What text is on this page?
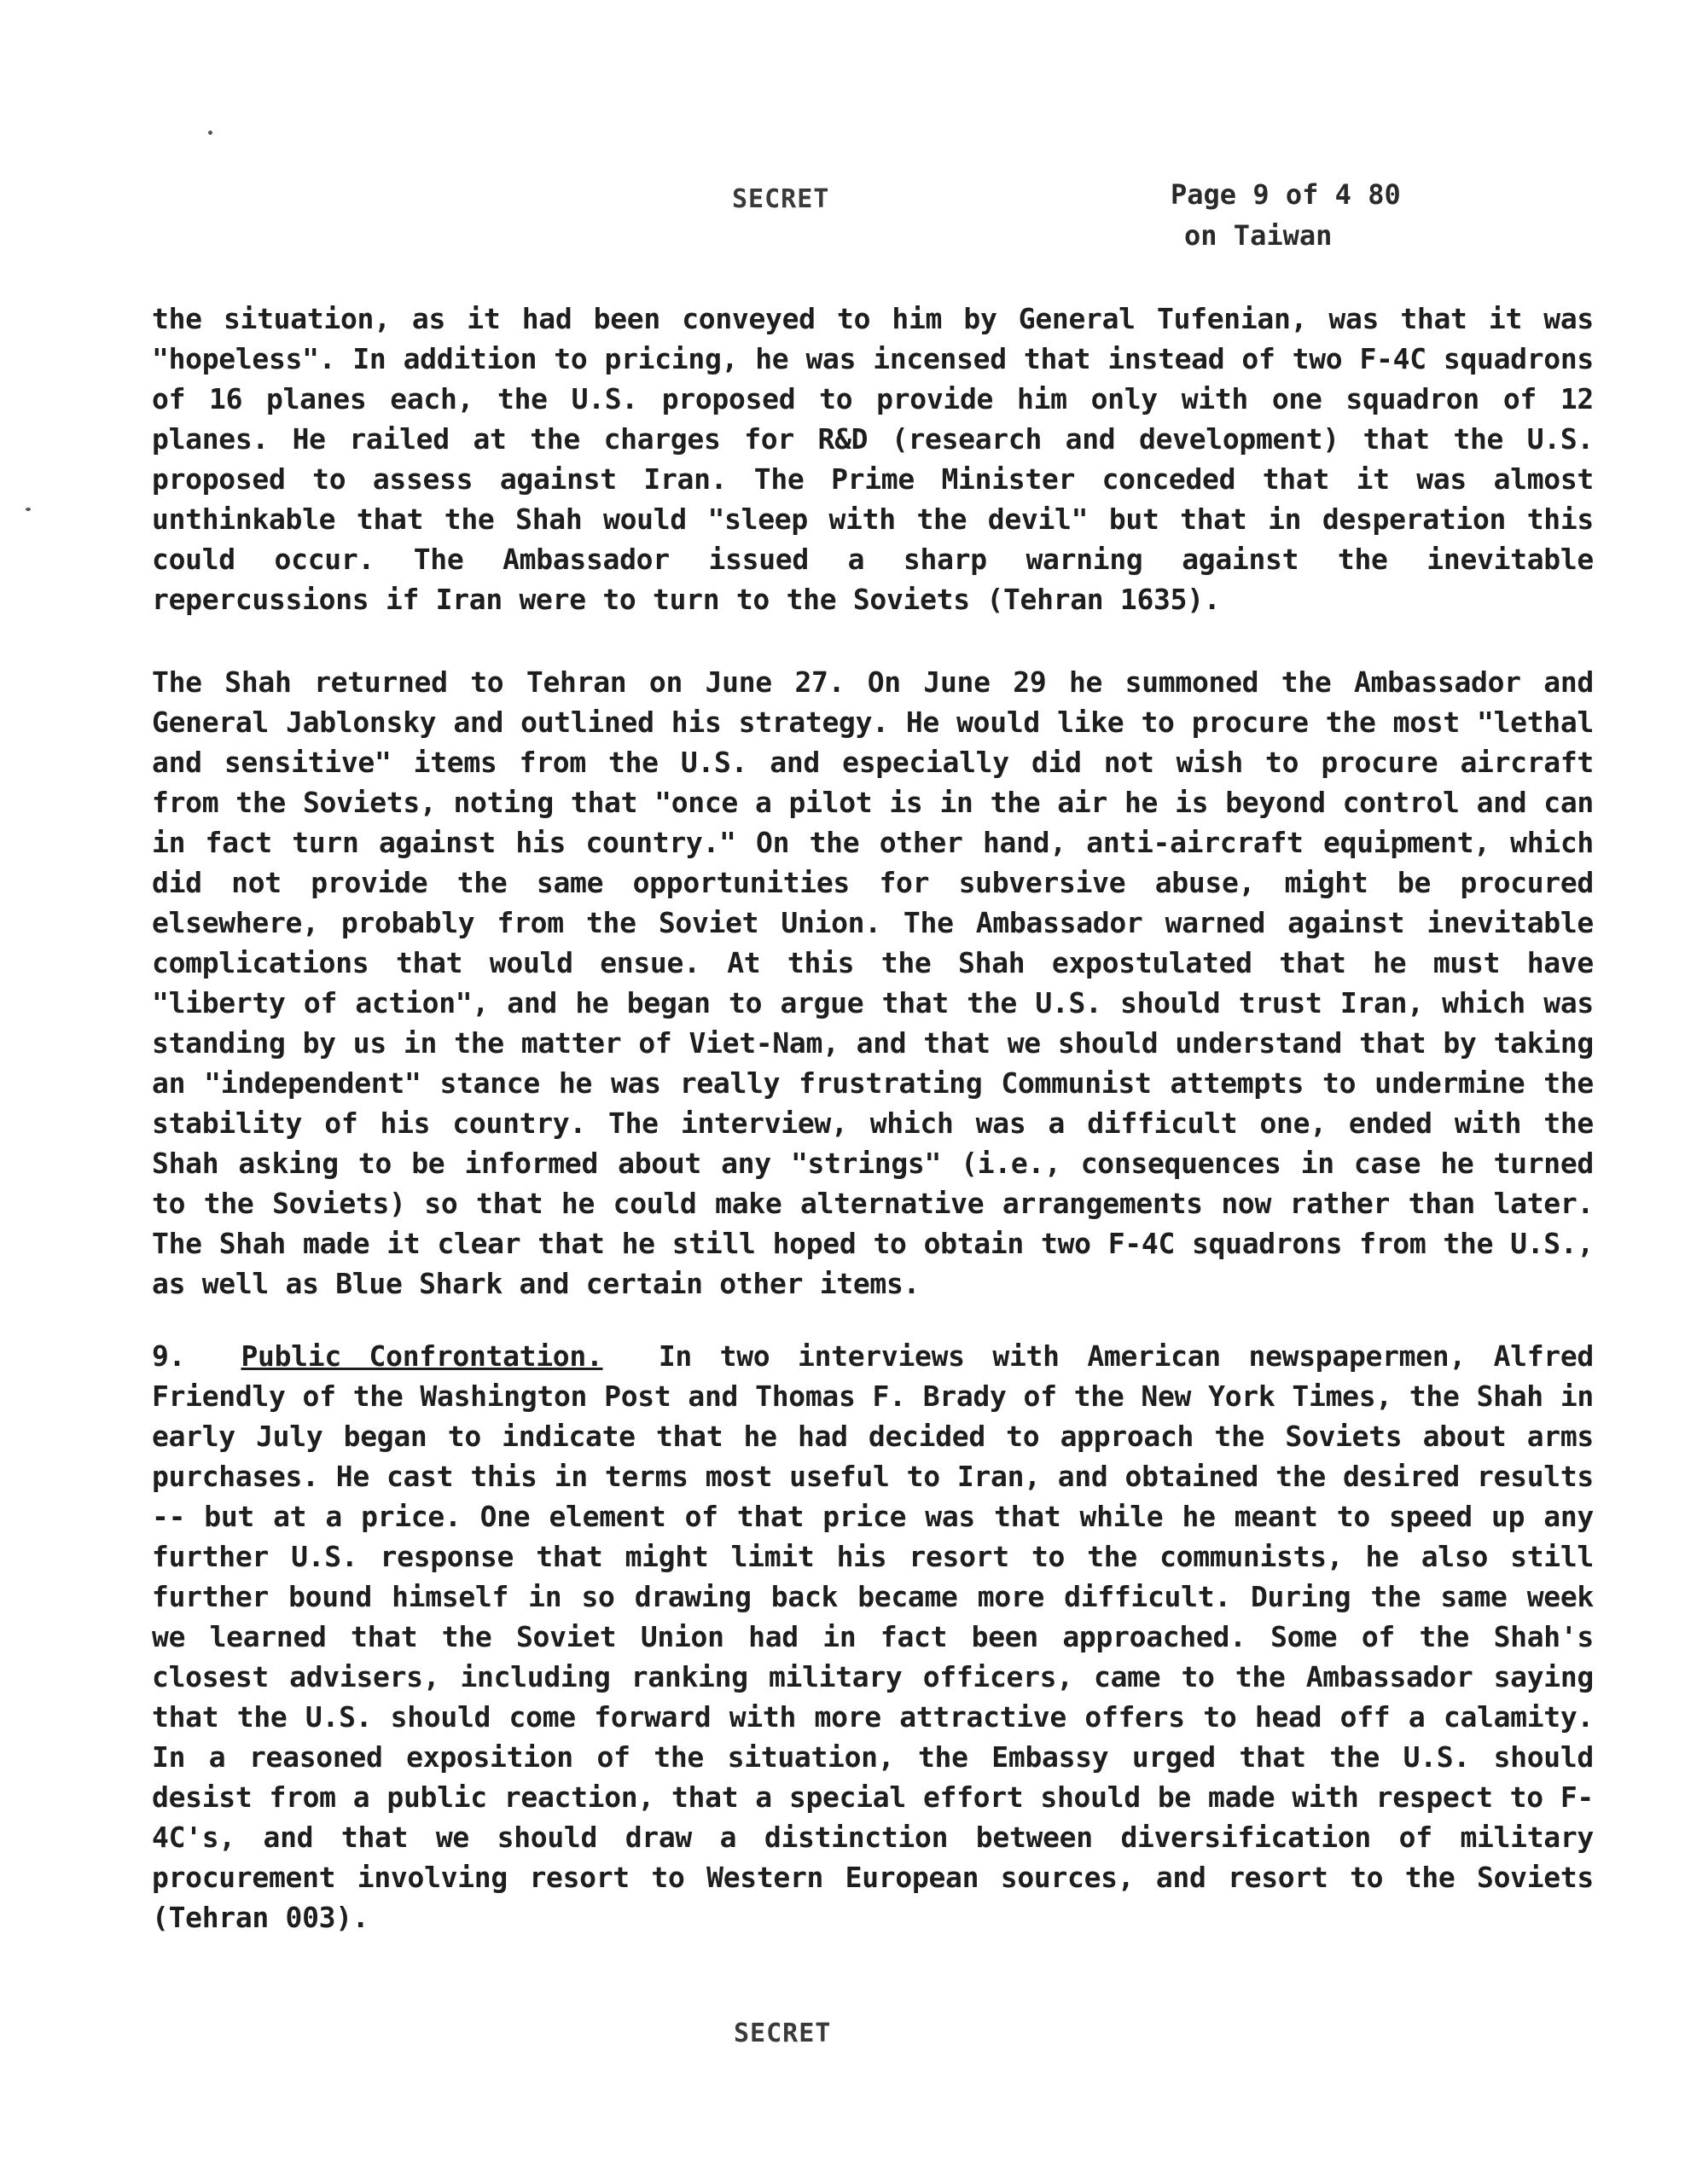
SECRET	Page 9 of 4 80
on Taiwan

the situation, as it had been conveyed to him by General Tufenian, was that it was "hopeless". In addition to pricing, he was incensed that instead of two F-4C squadrons of 16 planes each, the U.S. proposed to provide him only with one squadron of 12 planes. He railed at the charges for R&D (research and development) that the U.S. proposed to assess against Iran. The Prime Minister conceded that it was almost unthinkable that the Shah would "sleep with the devil" but that in desperation this could occur. The Ambassador issued a sharp warning against the inevitable repercussions if Iran were to turn to the Soviets (Tehran 1635).

The Shah returned to Tehran on June 27. On June 29 he summoned the Ambassador and General Jablonsky and outlined his strategy. He would like to procure the most "lethal and sensitive" items from the U.S. and especially did not wish to procure aircraft from the Soviets, noting that "once a pilot is in the air he is beyond control and can in fact turn against his country." On the other hand, anti-aircraft equipment, which did not provide the same opportunities for subversive abuse, might be procured elsewhere, probably from the Soviet Union. The Ambassador warned against inevitable complications that would ensue. At this the Shah expostulated that he must have "liberty of action", and he began to argue that the U.S. should trust Iran, which was standing by us in the matter of Viet-Nam, and that we should understand that by taking an "independent" stance he was really frustrating Communist attempts to undermine the stability of his country. The interview, which was a difficult one, ended with the Shah asking to be informed about any "strings" (i.e., consequences in case he turned to the Soviets) so that he could make alternative arrangements now rather than later. The Shah made it clear that he still hoped to obtain two F-4C squadrons from the U.S., as well as Blue Shark and certain other items.

9. Public Confrontation. In two interviews with American newspapermen, Alfred Friendly of the Washington Post and Thomas F. Brady of the New York Times, the Shah in early July began to indicate that he had decided to approach the Soviets about arms purchases. He cast this in terms most useful to Iran, and obtained the desired results -- but at a price. One element of that price was that while he meant to speed up any further U.S. response that might limit his resort to the communists, he also still further bound himself in so drawing back became more difficult. During the same week we learned that the Soviet Union had in fact been approached. Some of the Shah's closest advisers, including ranking military officers, came to the Ambassador saying that the U.S. should come forward with more attractive offers to head off a calamity. In a reasoned exposition of the situation, the Embassy urged that the U.S. should desist from a public reaction, that a special effort should be made with respect to F-4C's, and that we should draw a distinction between diversification of military procurement involving resort to Western European sources, and resort to the Soviets (Tehran 003).

SECRET
